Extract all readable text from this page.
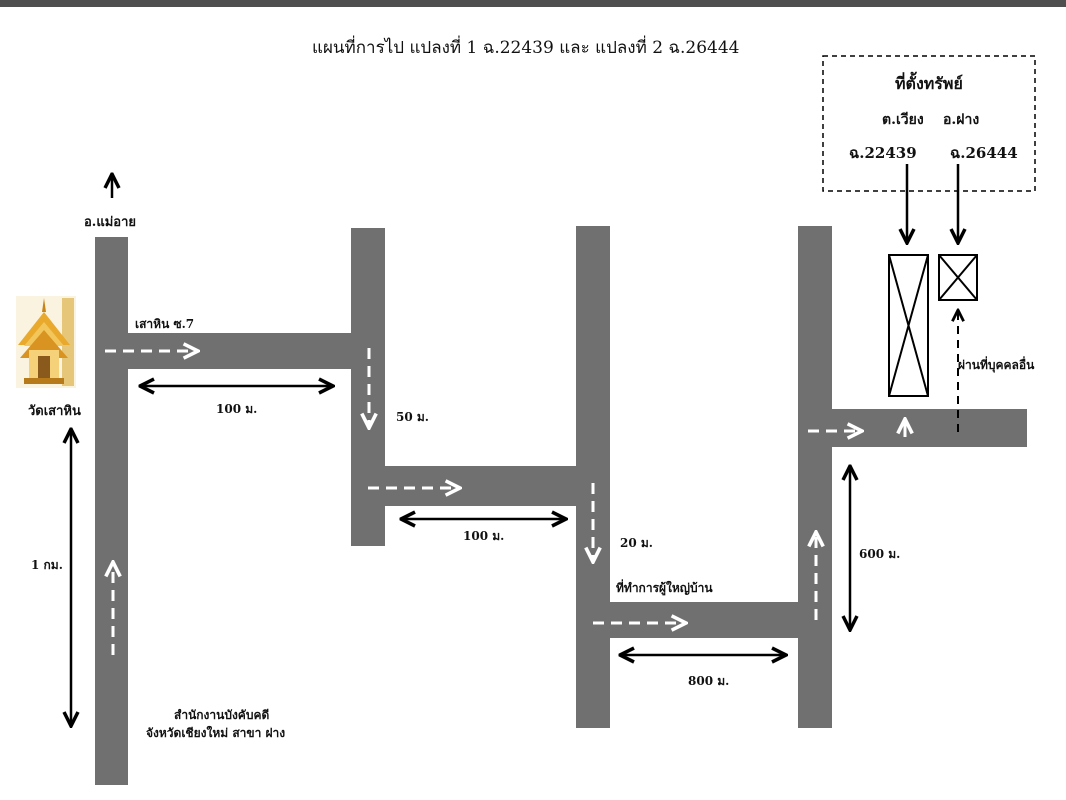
แผนที่การไป แปลงที่ 1 ฉ.22439 และ แปลงที่ 2 ฉ.26444
ที่ตั้งทรัพย์
ต.เวียง อ.ฝาง
ฉ.22439 ฉ.26444
อ.แม่อาย
วัดเสาหิน
เสาหิน ซ.7
ที่ทำการผู้ใหญ่บ้าน
สำนักงานบังคับคดี
จังหวัดเชียงใหม่ สาขา ฝาง
ผ่านที่บุคคลอื่น
1 กม.
100 ม.
50 ม.
100 ม.	20 ม.
800 ม.
600 ม.
